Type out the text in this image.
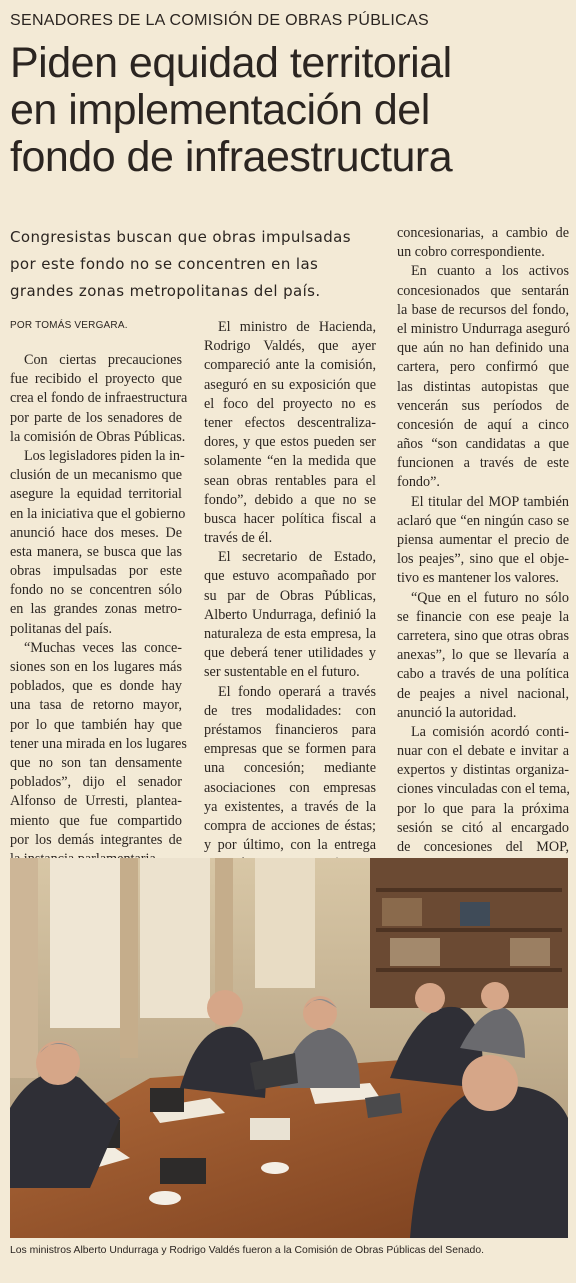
SENADORES DE LA COMISIÓN DE OBRAS PÚBLICAS
Piden equidad territorial
en implementación del
fondo de infraestructura
Congresistas buscan que obras impulsadas
por este fondo no se concentren en las
grandes zonas metropolitanas del país.
POR TOMÁS VERGARA.
Con ciertas precauciones
fue recibido el proyecto que
crea el fondo de infraestructura
por parte de los senadores de
la comisión de Obras Públicas.
Los legisladores piden la in-
clusión de un mecanismo que
asegure la equidad territorial
en la iniciativa que el gobierno
anunció hace dos meses. De
esta manera, se busca que las
obras impulsadas por este
fondo no se concentren sólo
en las grandes zonas metro-
politanas del país.
“Muchas veces las conce-
siones son en los lugares más
poblados, que es donde hay
una tasa de retorno mayor,
por lo que también hay que
tener una mirada en los lugares
que no son tan densamente
poblados”, dijo el senador
Alfonso de Urresti, plantea-
miento que fue compartido
por los demás integrantes de
El ministro de Hacienda,
Rodrigo Valdés, que ayer
compareció ante la comisión,
aseguró en su exposición que
el foco del proyecto no es
tener efectos descentraliza-
dores, y que estos pueden ser
solamente “en la medida que
sean obras rentables para el
fondo”, debido a que no se
busca hacer política fiscal a
través de él.
El secretario de Estado,
que estuvo acompañado por
su par de Obras Públicas,
Alberto Undurraga, definió la
naturaleza de esta empresa, la
que deberá tener utilidades y
ser sustentable en el futuro.
El fondo operará a través
de tres modalidades: con
préstamos financieros para
empresas que se formen para
una concesión; mediante
asociaciones con empresas
ya existentes, a través de la
compra de acciones de éstas;
y por último, con la entrega
concesionarias, a cambio de
un cobro correspondiente.
En cuanto a los activos
concesionados que sentarán
la base de recursos del fondo,
el ministro Undurraga aseguró
que aún no han definido una
cartera, pero confirmó que
las distintas autopistas que
vencerán sus períodos de
concesión de aquí a cinco
años “son candidatas a que
funcionen a través de este
fondo”.
El titular del MOP también
aclaró que “en ningún caso se
piensa aumentar el precio de
los peajes”, sino que el obje-
tivo es mantener los valores.
“Que en el futuro no sólo
se financie con ese peaje la
carretera, sino que otras obras
anexas”, lo que se llevaría a
cabo a través de una política
de peajes a nivel nacional,
anunció la autoridad.
La comisión acordó conti-
nuar con el debate e invitar a
expertos y distintas organiza-
ciones vinculadas con el tema,
por lo que para la próxima
sesión se citó al encargado
de concesiones del MOP,
Los ministros Alberto Undurraga y Rodrigo Valdés fueron a la Comisión de Obras Públicas del Senado.
